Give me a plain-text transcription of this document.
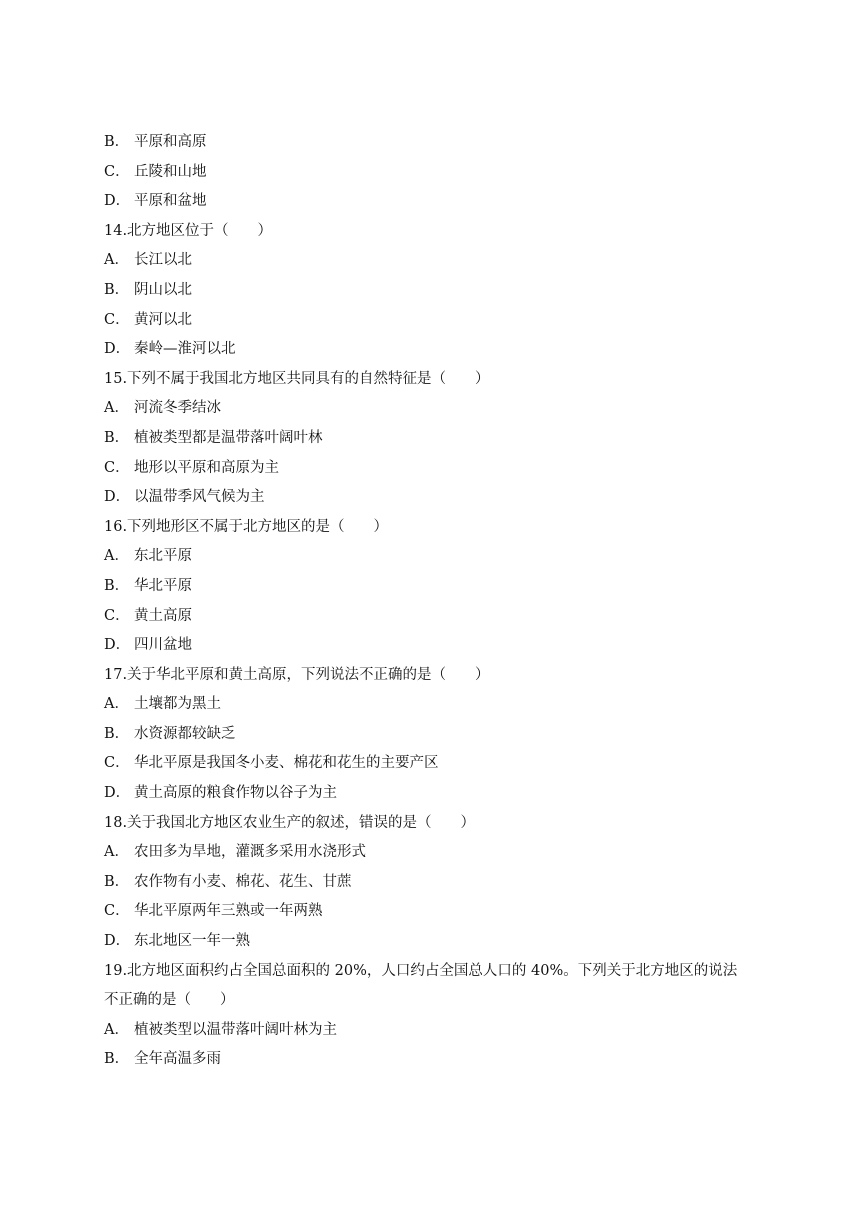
B． 平原和高原
C． 丘陵和山地
D． 平原和盆地
14.北方地区位于（　　）
A． 长江以北
B． 阴山以北
C． 黄河以北
D． 秦岭—淮河以北
15.下列不属于我国北方地区共同具有的自然特征是（　　）
A． 河流冬季结冰
B． 植被类型都是温带落叶阔叶林
C． 地形以平原和高原为主
D． 以温带季风气候为主
16.下列地形区不属于北方地区的是（　　）
A． 东北平原
B． 华北平原
C． 黄土高原
D． 四川盆地
17.关于华北平原和黄土高原，下列说法不正确的是（　　）
A． 土壤都为黑土
B． 水资源都较缺乏
C． 华北平原是我国冬小麦、棉花和花生的主要产区
D． 黄土高原的粮食作物以谷子为主
18.关于我国北方地区农业生产的叙述，错误的是（　　）
A． 农田多为旱地，灌溉多采用水浇形式
B． 农作物有小麦、棉花、花生、甘蔗
C． 华北平原两年三熟或一年两熟
D． 东北地区一年一熟
19.北方地区面积约占全国总面积的 20%，人口约占全国总人口的 40%。下列关于北方地区的说法
不正确的是（　　）
A． 植被类型以温带落叶阔叶林为主
B． 全年高温多雨
